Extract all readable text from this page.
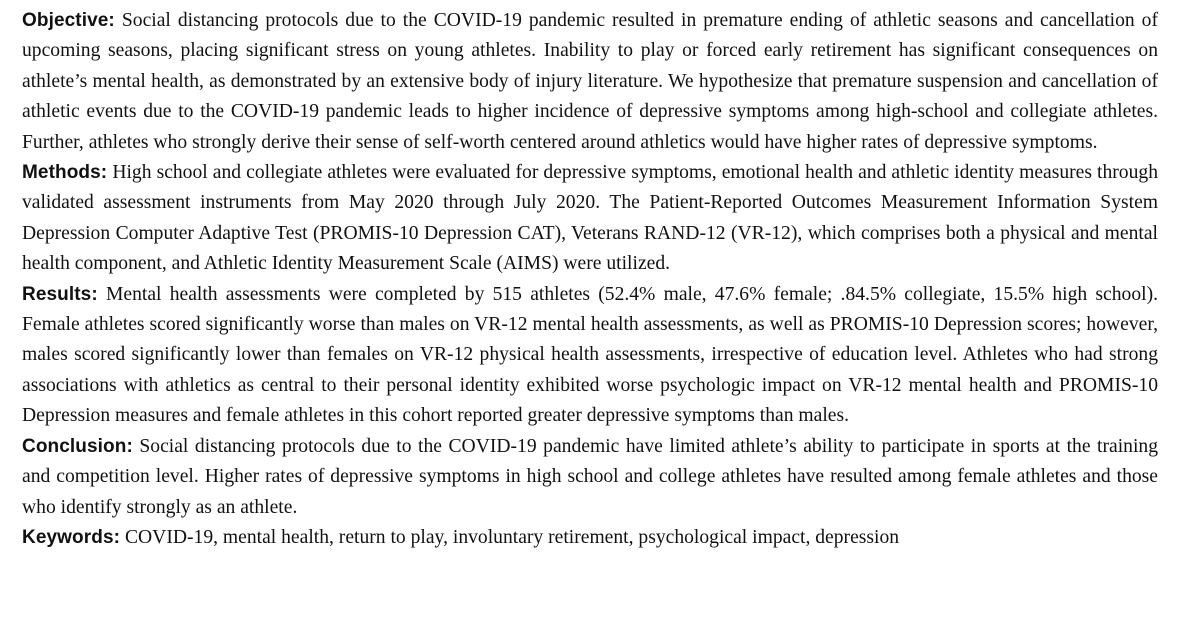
Objective: Social distancing protocols due to the COVID-19 pandemic resulted in premature ending of athletic seasons and cancellation of upcoming seasons, placing significant stress on young athletes. Inability to play or forced early retirement has significant consequences on athlete’s mental health, as demonstrated by an extensive body of injury literature. We hypothesize that premature suspension and cancellation of athletic events due to the COVID-19 pandemic leads to higher incidence of depressive symptoms among high-school and collegiate athletes. Further, athletes who strongly derive their sense of self-worth centered around athletics would have higher rates of depressive symptoms.

Methods: High school and collegiate athletes were evaluated for depressive symptoms, emotional health and athletic identity measures through validated assessment instruments from May 2020 through July 2020. The Patient-Reported Outcomes Measurement Information System Depression Computer Adaptive Test (PROMIS-10 Depression CAT), Veterans RAND-12 (VR-12), which comprises both a physical and mental health component, and Athletic Identity Measurement Scale (AIMS) were utilized.

Results: Mental health assessments were completed by 515 athletes (52.4% male, 47.6% female; .84.5% collegiate, 15.5% high school). Female athletes scored significantly worse than males on VR-12 mental health assessments, as well as PROMIS-10 Depression scores; however, males scored significantly lower than females on VR-12 physical health assessments, irrespective of education level. Athletes who had strong associations with athletics as central to their personal identity exhibited worse psychologic impact on VR-12 mental health and PROMIS-10 Depression measures and female athletes in this cohort reported greater depressive symptoms than males.

Conclusion: Social distancing protocols due to the COVID-19 pandemic have limited athlete’s ability to participate in sports at the training and competition level. Higher rates of depressive symptoms in high school and college athletes have resulted among female athletes and those who identify strongly as an athlete.

Keywords: COVID-19, mental health, return to play, involuntary retirement, psychological impact, depression
